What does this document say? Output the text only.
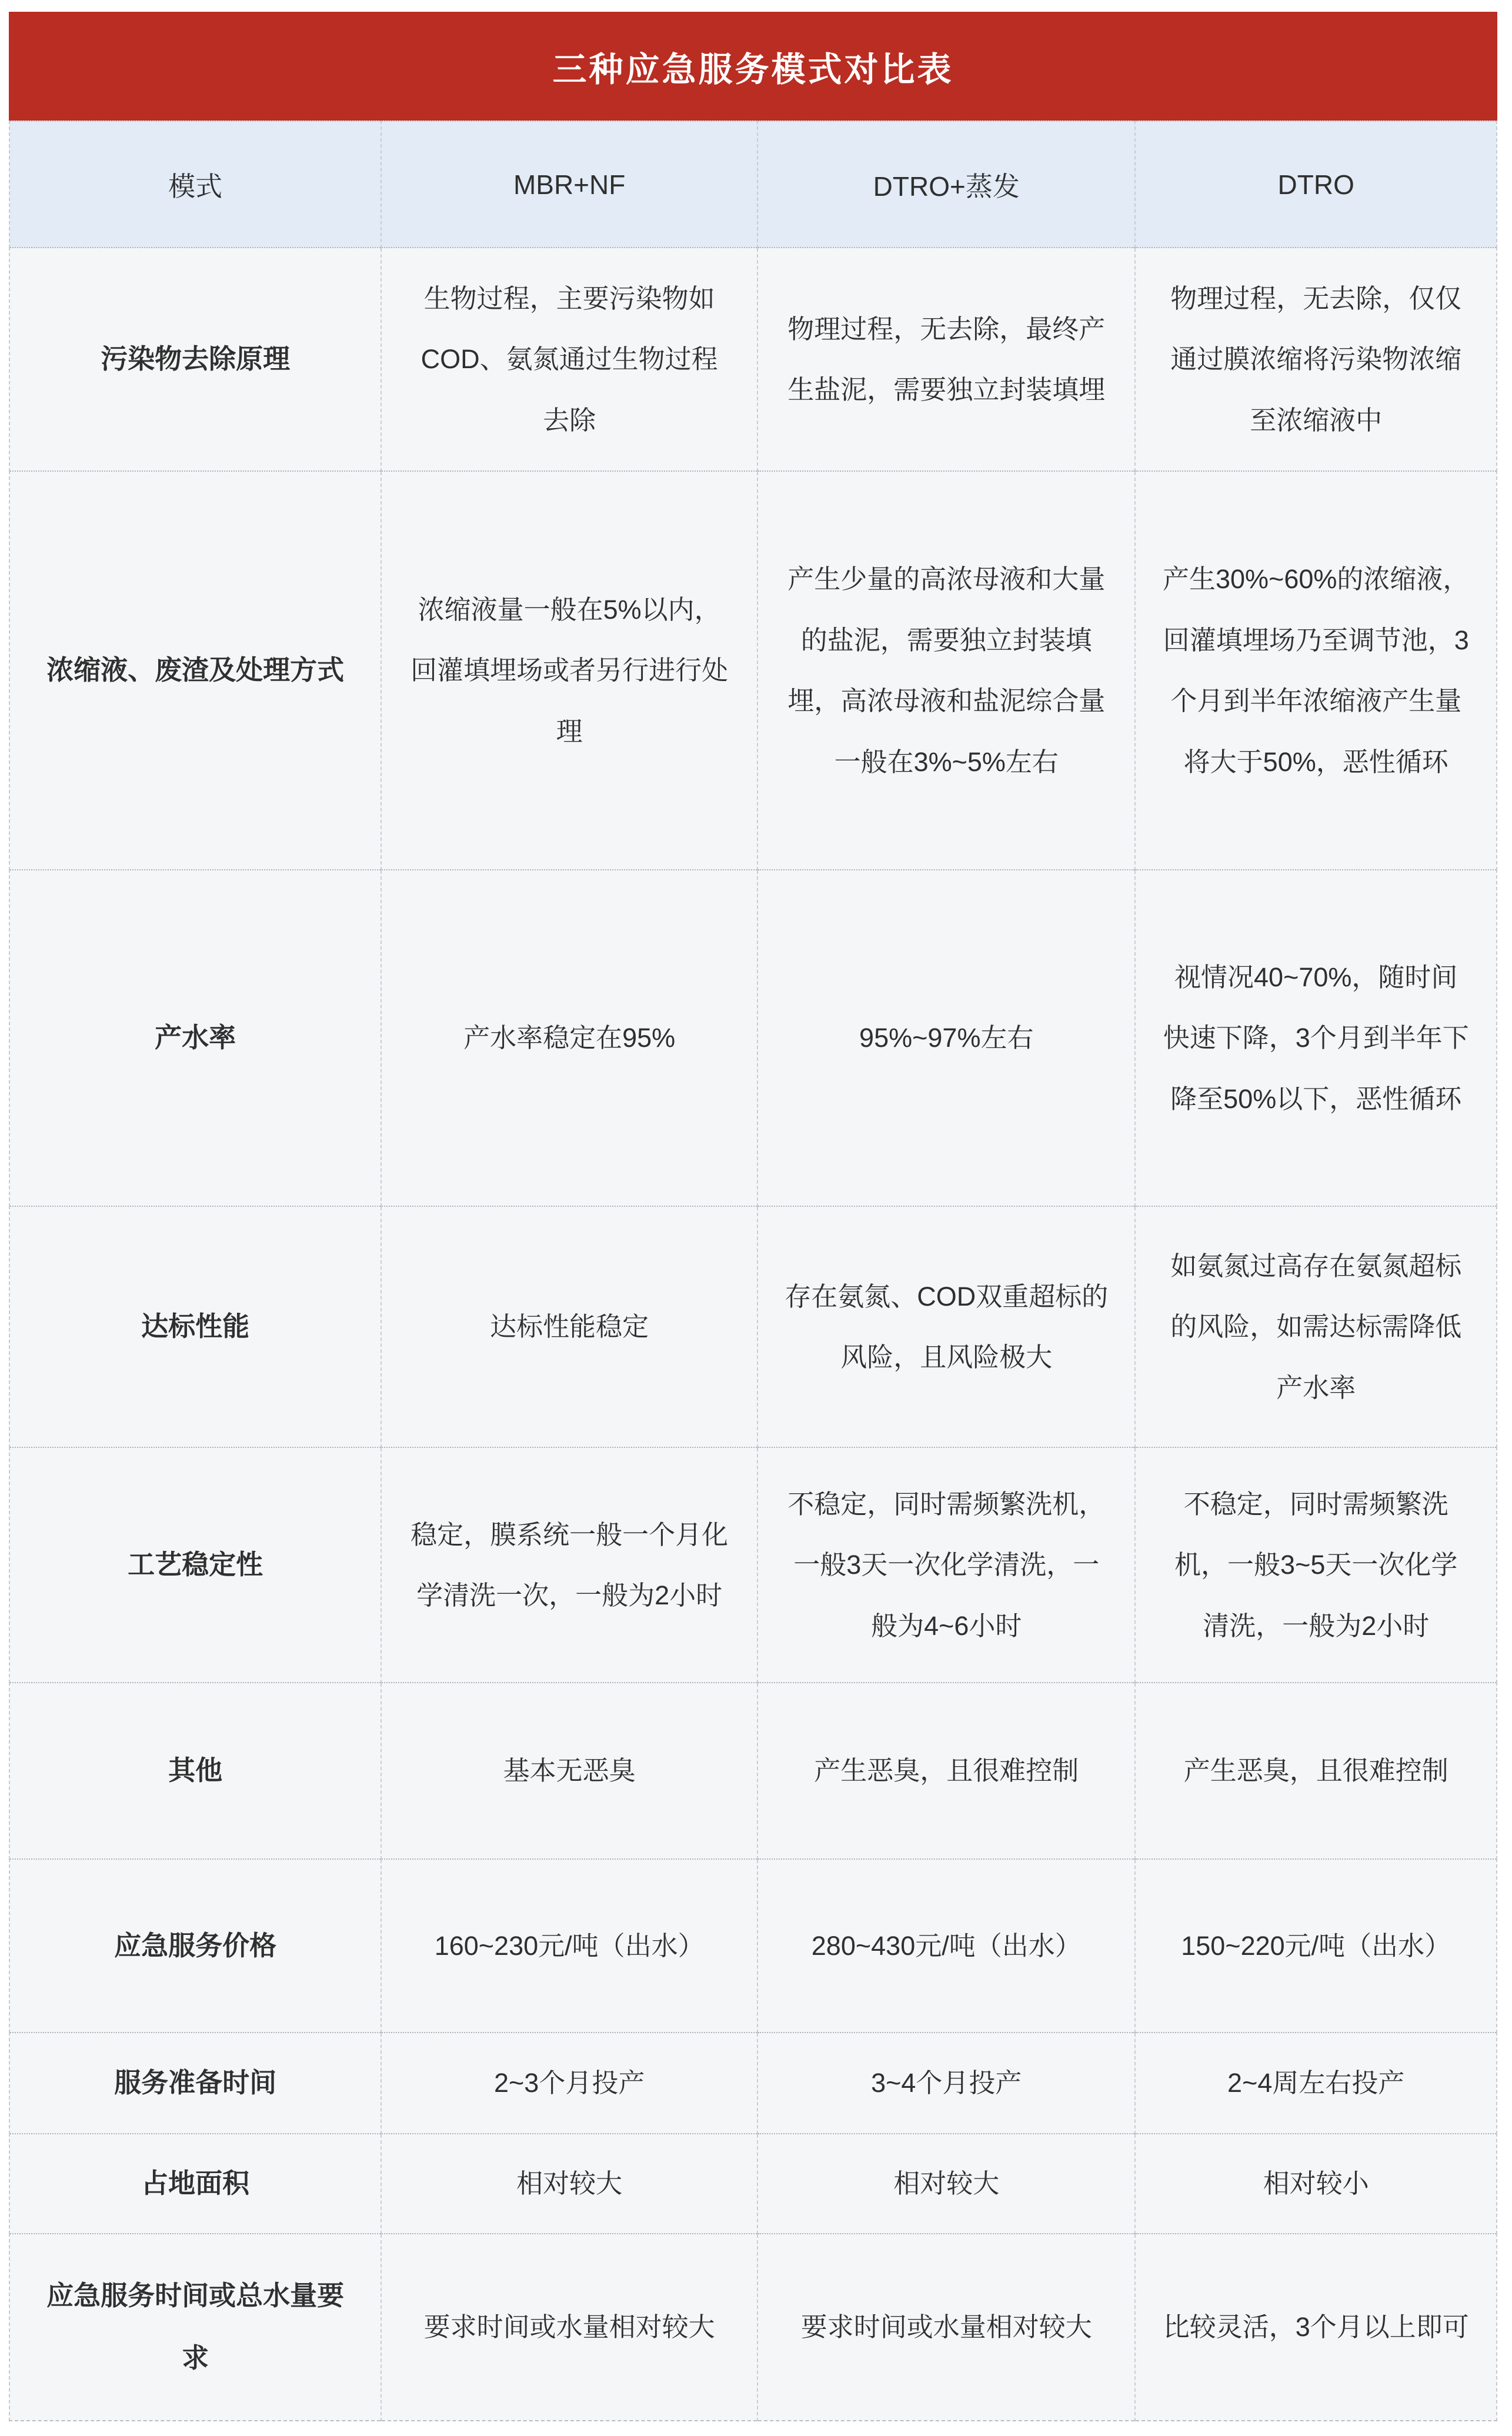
三种应急服务模式对比表
模式	MBR+NF	DTRO+蒸发	DTRO
污染物去除原理	生物过程，主要污染物如COD、氨氮通过生物过程去除	物理过程，无去除，最终产生盐泥，需要独立封装填埋	物理过程，无去除，仅仅通过膜浓缩将污染物浓缩至浓缩液中
浓缩液、废渣及处理方式	浓缩液量一般在5%以内，回灌填埋场或者另行进行处理	产生少量的高浓母液和大量的盐泥，需要独立封装填埋，高浓母液和盐泥综合量一般在3%~5%左右	产生30%~60%的浓缩液，回灌填埋场乃至调节池，3个月到半年浓缩液产生量将大于50%，恶性循环
产水率	产水率稳定在95%	95%~97%左右	视情况40~70%，随时间快速下降，3个月到半年下降至50%以下，恶性循环
达标性能	达标性能稳定	存在氨氮、COD双重超标的风险，且风险极大	如氨氮过高存在氨氮超标的风险，如需达标需降低产水率
工艺稳定性	稳定，膜系统一般一个月化学清洗一次，一般为2小时	不稳定，同时需频繁洗机，一般3天一次化学清洗，一般为4~6小时	不稳定，同时需频繁洗机，一般3~5天一次化学清洗，一般为2小时
其他	基本无恶臭	产生恶臭，且很难控制	产生恶臭，且很难控制
应急服务价格	160~230元/吨（出水）	280~430元/吨（出水）	150~220元/吨（出水）
服务准备时间	2~3个月投产	3~4个月投产	2~4周左右投产
占地面积	相对较大	相对较大	相对较小
应急服务时间或总水量要求	要求时间或水量相对较大	要求时间或水量相对较大	比较灵活，3个月以上即可
